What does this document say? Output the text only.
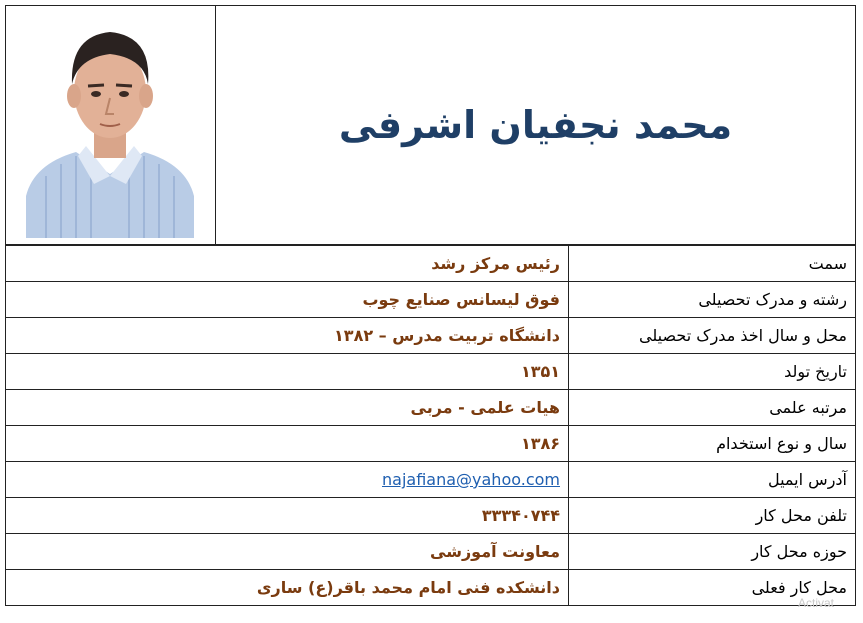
محمد نجفیان اشرفی
سمت	رئیس مرکز رشد
رشته و مدرک تحصیلی	فوق لیسانس صنایع چوب
محل و سال اخذ مدرک تحصیلی	دانشگاه تربیت مدرس – ۱۳۸۲
تاریخ تولد	۱۳۵۱
مرتبه علمی	هیات علمی - مربی
سال و نوع استخدام	۱۳۸۶
آدرس ایمیل	najafiana@yahoo.com
تلفن محل کار	۳۳۳۴۰۷۴۴
حوزه محل کار	معاونت آموزشی
محل کار فعلی	دانشکده فنی امام محمد باقر(ع) ساری
Activat
